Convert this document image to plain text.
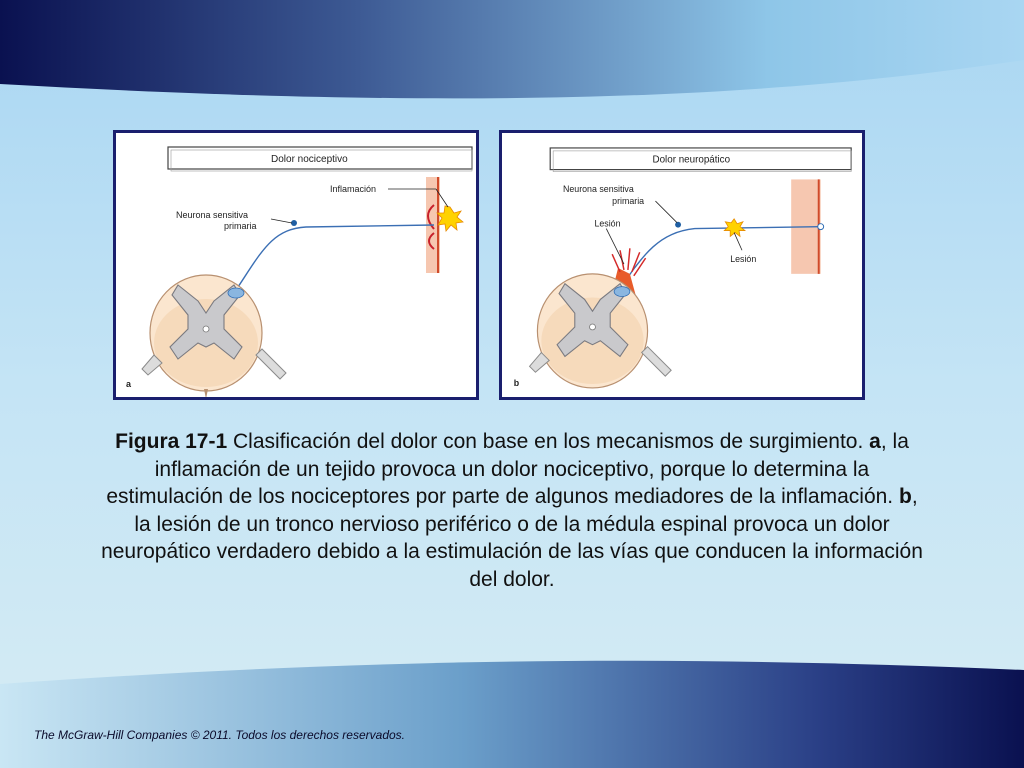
Dolor nociceptivo
Inflamación
Neurona sensitiva
primaria
a
Dolor neuropático
Neurona sensitiva
primaria
Lesión
Lesión
b
Figura 17-1 Clasificación del dolor con base en los mecanismos de surgimiento. a, la inflamación de un tejido provoca un dolor nociceptivo, porque lo determina la estimulación de los nociceptores por parte de algunos mediadores de la inflamación. b, la lesión de un tronco nervioso periférico o de la médula espinal provoca un dolor neuropático verdadero debido a la estimulación de las vías que conducen la información del dolor.
The McGraw-Hill Companies © 2011. Todos los derechos reservados.
